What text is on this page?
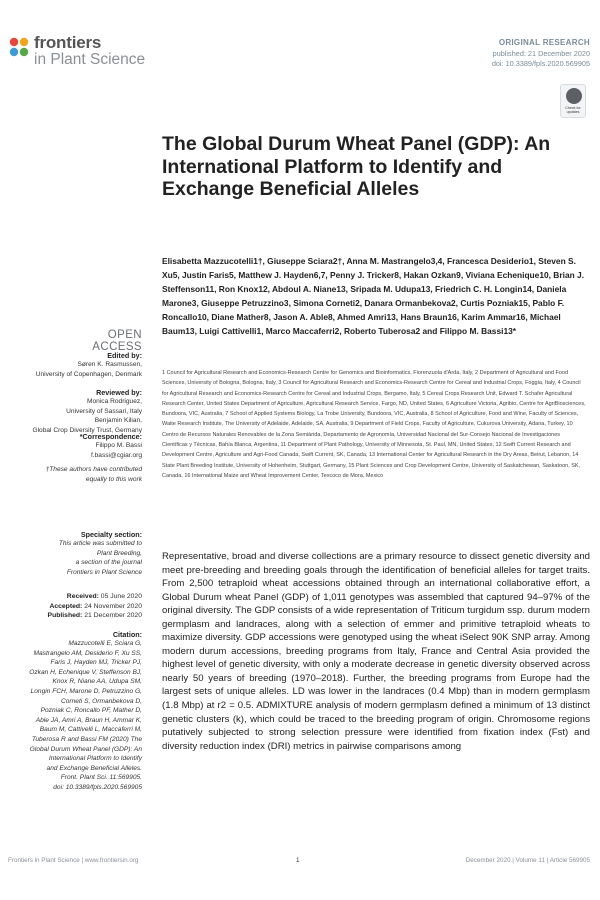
frontiers
in Plant Science
ORIGINAL RESEARCH
published: 21 December 2020
doi: 10.3389/fpls.2020.569905
Check for updates
The Global Durum Wheat Panel (GDP): An International Platform to Identify and Exchange Beneficial Alleles
Elisabetta Mazzucotelli1†, Giuseppe Sciara2†, Anna M. Mastrangelo3,4, Francesca Desiderio1, Steven S. Xu5, Justin Faris5, Matthew J. Hayden6,7, Penny J. Tricker8, Hakan Ozkan9, Viviana Echenique10, Brian J. Steffenson11, Ron Knox12, Abdoul A. Niane13, Sripada M. Udupa13, Friedrich C. H. Longin14, Daniela Marone3, Giuseppe Petruzzino3, Simona Corneti2, Danara Ormanbekova2, Curtis Pozniak15, Pablo F. Roncallo10, Diane Mather8, Jason A. Able8, Ahmed Amri13, Hans Braun16, Karim Ammar16, Michael Baum13, Luigi Cattivelli1, Marco Maccaferri2, Roberto Tuberosa2 and Filippo M. Bassi13*
1 Council for Agricultural Research and Economics-Research Centre for Genomics and Bioinformatics, Fiorenzuola d'Arda, Italy, 2 Department of Agricultural and Food Sciences, University of Bologna, Bologna, Italy, 3 Council for Agricultural Research and Economics-Research Centre for Cereal and Industrial Crops, Foggia, Italy, 4 Council for Agricultural Research and Economics-Research Centre for Cereal and Industrial Crops, Bergamo, Italy, 5 Cereal Crops Research Unit, Edward T. Schafer Agricultural Research Center, United States Department of Agriculture, Agricultural Research Service, Fargo, ND, United States, 6 Agriculture Victoria, Agribio, Centre for AgriBiosciences, Bundoora, VIC, Australia, 7 School of Applied Systems Biology, La Trobe University, Bundoora, VIC, Australia, 8 School of Agriculture, Food and Wine, Faculty of Sciences, Waite Research Institute, The University of Adelaide, Adelaide, SA, Australia, 9 Department of Field Crops, Faculty of Agriculture, Cukurova University, Adana, Turkey, 10 Centro de Recursos Naturales Renovables de la Zona Semiárida, Departamento de Agronomía, Universidad Nacional del Sur-Consejo Nacional de Investigaciones Científicas y Técnicas, Bahía Blanca, Argentina, 11 Department of Plant Pathology, University of Minnesota, St. Paul, MN, United States, 12 Swift Current Research and Development Centre, Agriculture and Agri-Food Canada, Swift Current, SK, Canada, 13 International Center for Agricultural Research in the Dry Areas, Beirut, Lebanon, 14 State Plant Breeding Institute, University of Hohenheim, Stuttgart, Germany, 15 Plant Sciences and Crop Development Centre, University of Saskatchewan, Saskatoon, SK, Canada, 16 International Maize and Wheat Improvement Center, Texcoco de Mora, Mexico
Representative, broad and diverse collections are a primary resource to dissect genetic diversity and meet pre-breeding and breeding goals through the identification of beneficial alleles for target traits. From 2,500 tetraploid wheat accessions obtained through an international collaborative effort, a Global Durum wheat Panel (GDP) of 1,011 genotypes was assembled that captured 94–97% of the original diversity. The GDP consists of a wide representation of Triticum turgidum ssp. durum modern germplasm and landraces, along with a selection of emmer and primitive tetraploid wheats to maximize diversity. GDP accessions were genotyped using the wheat iSelect 90K SNP array. Among modern durum accessions, breeding programs from Italy, France and Central Asia provided the highest level of genetic diversity, with only a moderate decrease in genetic diversity observed across nearly 50 years of breeding (1970–2018). Further, the breeding programs from Europe had the largest sets of unique alleles. LD was lower in the landraces (0.4 Mbp) than in modern germplasm (1.8 Mbp) at r2 = 0.5. ADMIXTURE analysis of modern germplasm defined a minimum of 13 distinct genetic clusters (k), which could be traced to the breeding program of origin. Chromosome regions putatively subjected to strong selection pressure were identified from fixation index (Fst) and diversity reduction index (DRI) metrics in pairwise comparisons among
OPEN ACCESS
Edited by:
Søren K. Rasmussen,
University of Copenhagen, Denmark
Reviewed by:
Monica Rodriguez,
University of Sassari, Italy
Benjamin Kilian,
Global Crop Diversity Trust, Germany
*Correspondence:
Filippo M. Bassi
f.bassi@cgiar.org
†These authors have contributed
equally to this work
Specialty section:
This article was submitted to
Plant Breeding,
a section of the journal
Frontiers in Plant Science
Received: 05 June 2020
Accepted: 24 November 2020
Published: 21 December 2020
Citation:
Mazzucotelli E, Sciara G,
Mastrangelo AM, Desiderio F, Xu SS,
Faris J, Hayden MJ, Tricker PJ,
Ozkan H, Echenique V, Steffenson BJ,
Knox R, Niane AA, Udupa SM,
Longin FCH, Marone D, Petruzzino G,
Corneti S, Ormanbekova D,
Pozniak C, Roncallo PF, Mather D,
Able JA, Amri A, Braun H, Ammar K,
Baum M, Cattivelli L, Maccaferri M,
Tuberosa R and Bassi FM (2020) The
Global Durum Wheat Panel (GDP): An
International Platform to Identify
and Exchange Beneficial Alleles.
Front. Plant Sci. 11:569905.
doi: 10.3389/fpls.2020.569905
Frontiers in Plant Science | www.frontiersin.org	1	December 2020 | Volume 11 | Article 569905
